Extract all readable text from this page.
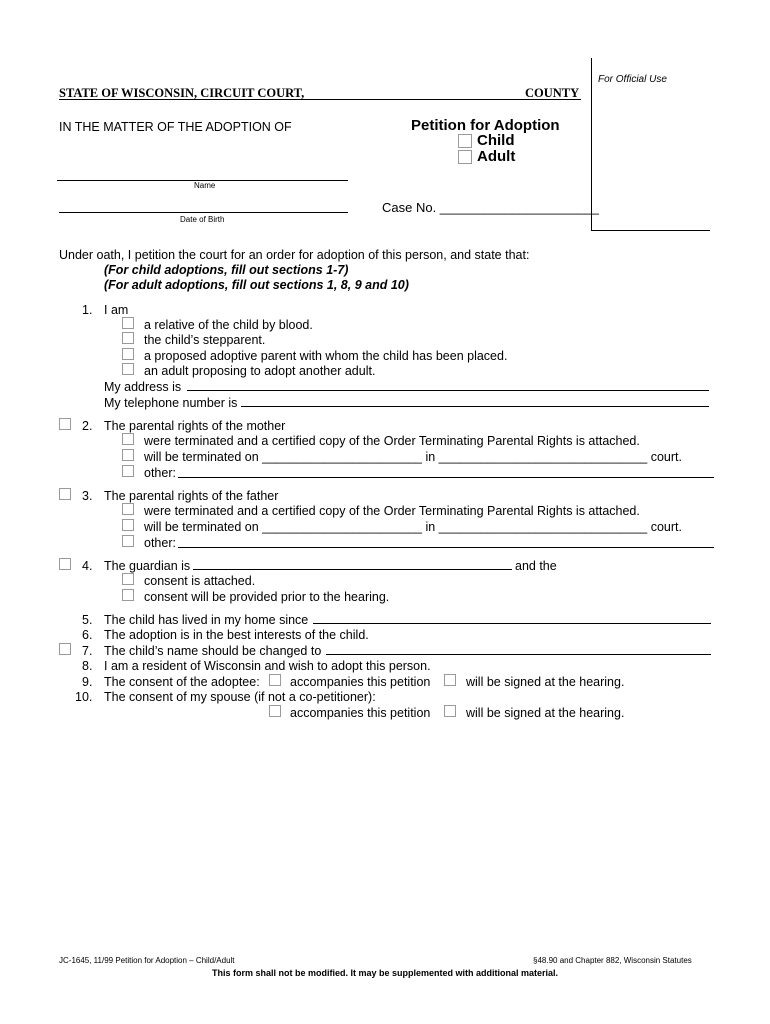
For Official Use
STATE OF WISCONSIN, CIRCUIT COURT,	COUNTY
IN THE MATTER OF THE ADOPTION OF
Name
Date of Birth
Petition for Adoption
Child
Adult
Case No. ______________________
Under oath, I petition the court for an order for adoption of this person, and state that:
(For child adoptions, fill out sections 1-7)
(For adult adoptions, fill out sections 1, 8, 9 and 10)
1. I am
a relative of the child by blood.
the child’s stepparent.
a proposed adoptive parent with whom the child has been placed.
an adult proposing to adopt another adult.
My address is
My telephone number is
2. The parental rights of the mother
were terminated and a certified copy of the Order Terminating Parental Rights is attached.
will be terminated on _______________________ in ______________________________ court.
other:
3. The parental rights of the father
were terminated and a certified copy of the Order Terminating Parental Rights is attached.
will be terminated on _______________________ in ______________________________ court.
other:
4. The guardian is	and the
consent is attached.
consent will be provided prior to the hearing.
5. The child has lived in my home since
6. The adoption is in the best interests of the child.
7. The child’s name should be changed to
8. I am a resident of Wisconsin and wish to adopt this person.
9. The consent of the adoptee: accompanies this petition	will be signed at the hearing.
10. The consent of my spouse (if not a co-petitioner):
accompanies this petition	will be signed at the hearing.
JC-1645, 11/99 Petition for Adoption – Child/Adult	§48.90 and Chapter 882, Wisconsin Statutes
This form shall not be modified. It may be supplemented with additional material.
